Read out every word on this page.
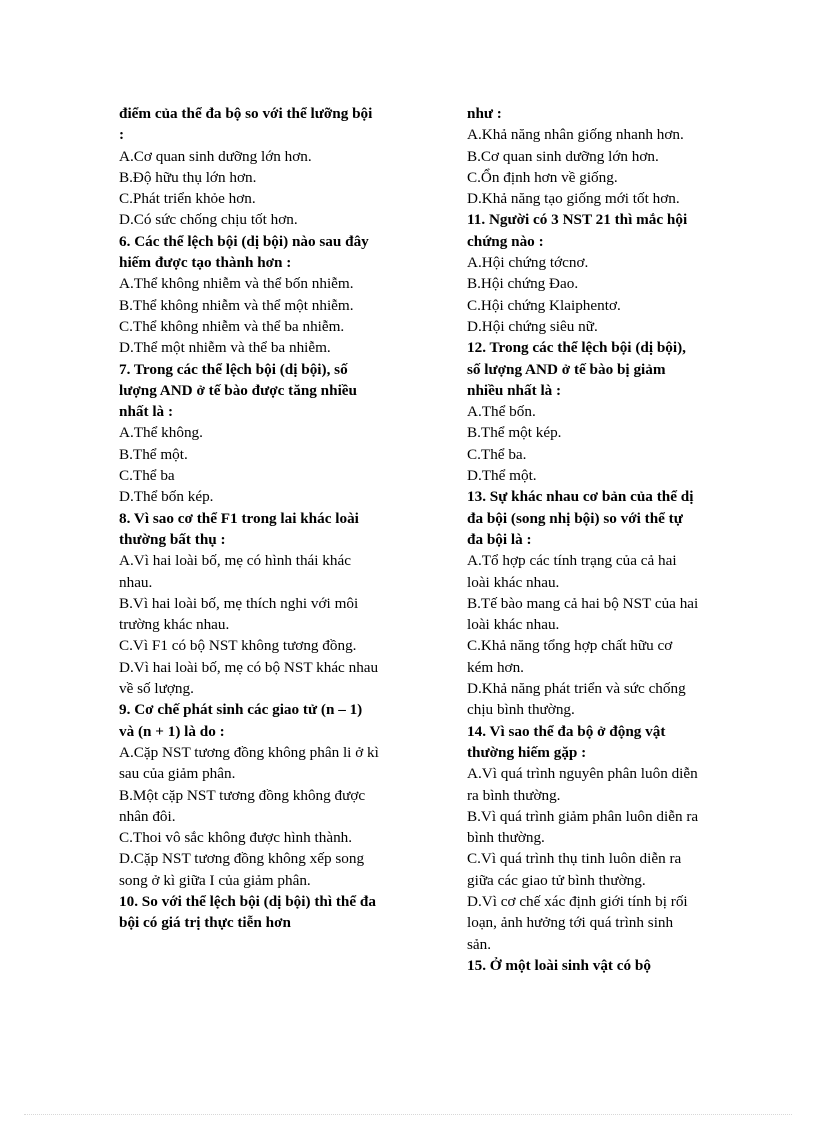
điểm của thể đa bộ so với thể lưỡng bội :

A.Cơ quan sinh dưỡng lớn hơn.

B.Độ hữu thụ lớn hơn.

C.Phát triển khỏe hơn.

D.Có sức chống chịu tốt hơn.

6. Các thể lệch bội (dị bội) nào sau đây hiếm được tạo thành hơn :

A.Thể không nhiễm và thể bốn nhiễm.

B.Thể không nhiễm và thể một nhiễm.

C.Thể không nhiễm và thể ba nhiễm.

D.Thể một nhiễm và thể ba nhiễm.

7. Trong các thể lệch bội (dị bội), số lượng AND ở tế bào được tăng nhiều nhất là :

A.Thể không.

B.Thể một.

C.Thể ba

D.Thể bốn kép.

8. Vì sao cơ thể F1 trong lai khác loài thường bất thụ :

A.Vì hai loài bố, mẹ có hình thái khác nhau.

B.Vì hai loài bố, mẹ thích nghi với môi trường khác nhau.

C.Vì F1 có bộ NST không tương đồng.

D.Vì hai loài bố, mẹ có bộ NST khác nhau về số lượng.

9. Cơ chế phát sinh các giao tử (n – 1) và (n + 1) là do :

A.Cặp NST tương đồng không phân li ở kì sau của giảm phân.

B.Một cặp NST tương đồng không được nhân đôi.

C.Thoi vô sắc không được hình thành.

D.Cặp NST tương đồng không xếp song song ở kì giữa I của giảm phân.

10. So với thể lệch bội (dị bội) thì thể đa bội có giá trị thực tiễn hơn

như :

A.Khả năng nhân giống nhanh hơn.

B.Cơ quan sinh dưỡng lớn hơn.

C.Ổn định hơn về giống.

D.Khả năng tạo giống mới tốt hơn.

11. Người có 3 NST 21 thì mắc hội chứng nào :

A.Hội chứng tớcnơ.

B.Hội chứng Đao.

C.Hội chứng Klaiphentơ.

D.Hội chứng siêu nữ.

12. Trong các thể lệch bội (dị bội), số lượng AND ở tế bào bị giảm nhiều nhất là :

A.Thể bốn.

B.Thể một kép.

C.Thể ba.

D.Thể một.

13. Sự khác nhau cơ bản của thể dị đa bội (song nhị bội) so với thể tự đa bội là :

A.Tổ hợp các tính trạng của cả hai loài khác nhau.

B.Tế bào mang cả hai bộ NST của hai loài khác nhau.

C.Khả năng tổng hợp chất hữu cơ kém hơn.

D.Khả năng phát triển và sức chống chịu bình thường.

14. Vì sao thể đa bộ ở động vật thường hiếm gặp :

A.Vì quá trình nguyên phân luôn diễn ra bình thường.

B.Vì quá trình giảm phân luôn diễn ra bình thường.

C.Vì quá trình thụ tinh luôn diễn ra giữa các giao tử bình thường.

D.Vì cơ chế xác định giới tính bị rối loạn, ảnh hưởng tới quá trình sinh sản.

15. Ở một loài sinh vật có bộ
